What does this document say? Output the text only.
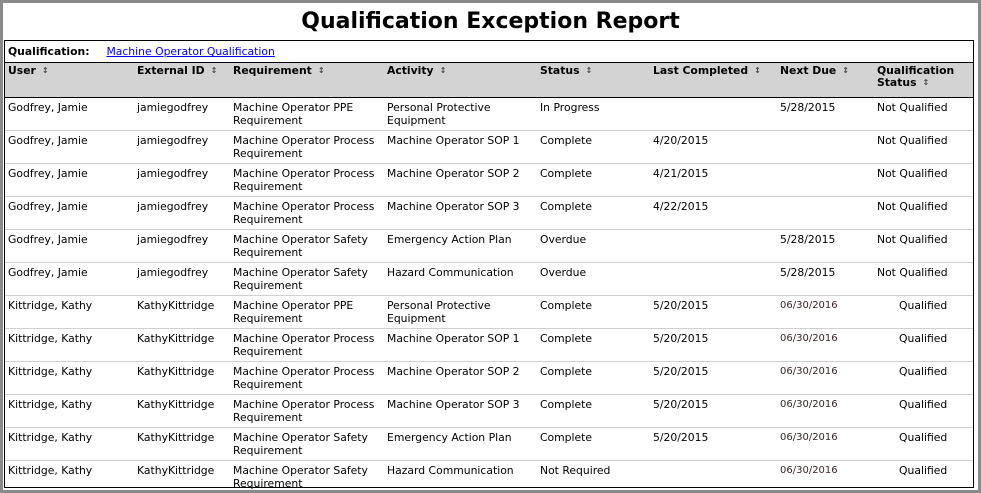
Qualification Exception Report
Qualification: Machine Operator Qualification
User ↕	External ID ↕	Requirement ↕	Activity ↕	Status ↕	Last Completed ↕	Next Due ↕	Qualification Status ↕
Godfrey, Jamie	jamiegodfrey	Machine Operator PPE Requirement	Personal Protective Equipment	In Progress		5/28/2015	Not Qualified
Godfrey, Jamie	jamiegodfrey	Machine Operator Process Requirement	Machine Operator SOP 1	Complete	4/20/2015		Not Qualified
Godfrey, Jamie	jamiegodfrey	Machine Operator Process Requirement	Machine Operator SOP 2	Complete	4/21/2015		Not Qualified
Godfrey, Jamie	jamiegodfrey	Machine Operator Process Requirement	Machine Operator SOP 3	Complete	4/22/2015		Not Qualified
Godfrey, Jamie	jamiegodfrey	Machine Operator Safety Requirement	Emergency Action Plan	Overdue		5/28/2015	Not Qualified
Godfrey, Jamie	jamiegodfrey	Machine Operator Safety Requirement	Hazard Communication	Overdue		5/28/2015	Not Qualified
Kittridge, Kathy	KathyKittridge	Machine Operator PPE Requirement	Personal Protective Equipment	Complete	5/20/2015	06/30/2016	Qualified
Kittridge, Kathy	KathyKittridge	Machine Operator Process Requirement	Machine Operator SOP 1	Complete	5/20/2015	06/30/2016	Qualified
Kittridge, Kathy	KathyKittridge	Machine Operator Process Requirement	Machine Operator SOP 2	Complete	5/20/2015	06/30/2016	Qualified
Kittridge, Kathy	KathyKittridge	Machine Operator Process Requirement	Machine Operator SOP 3	Complete	5/20/2015	06/30/2016	Qualified
Kittridge, Kathy	KathyKittridge	Machine Operator Safety Requirement	Emergency Action Plan	Complete	5/20/2015	06/30/2016	Qualified
Kittridge, Kathy	KathyKittridge	Machine Operator Safety Requirement	Hazard Communication	Not Required		06/30/2016	Qualified
